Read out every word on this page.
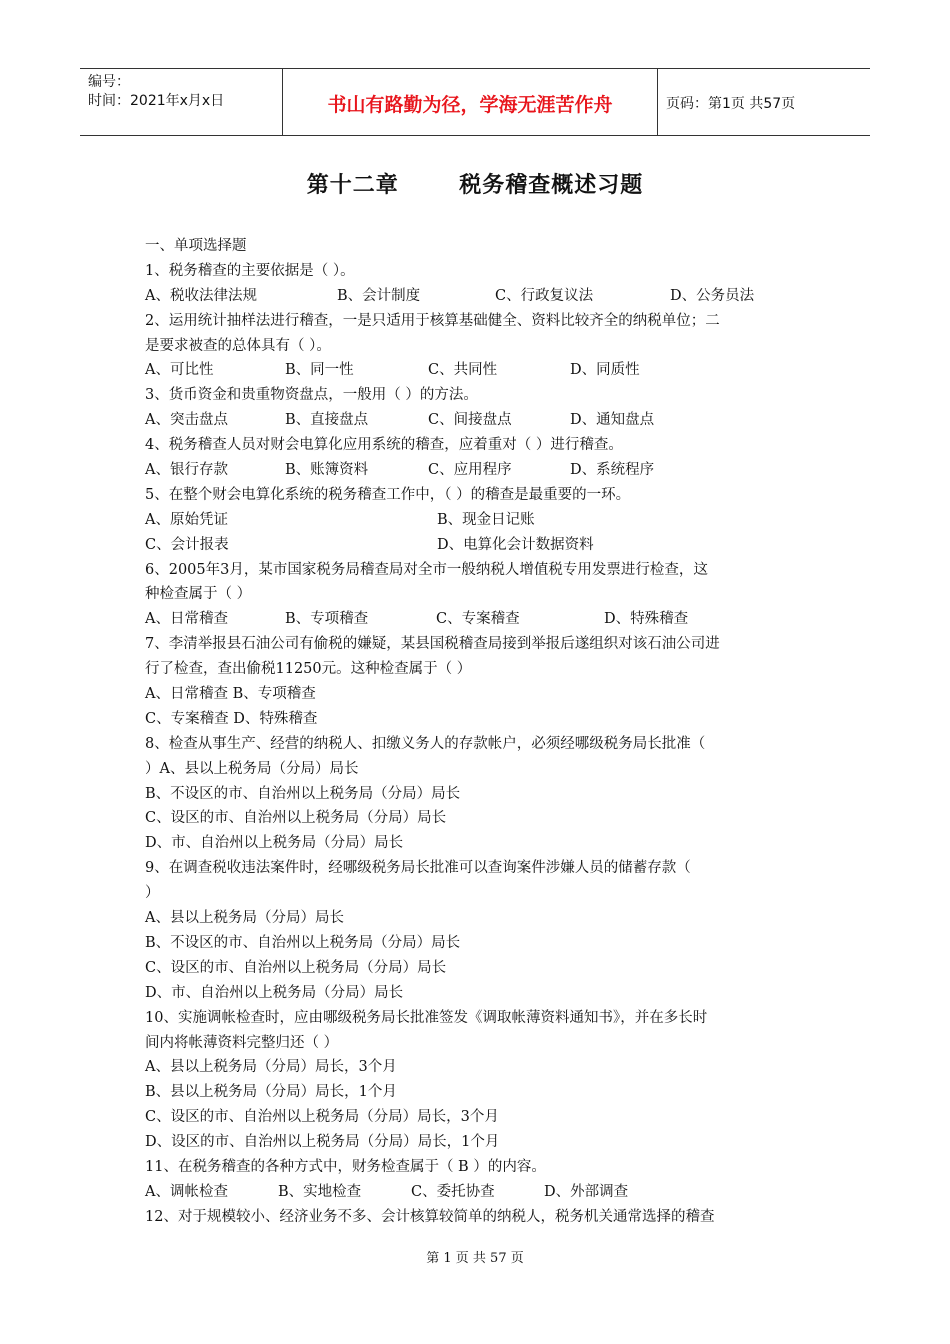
编号：
时间：2021年x月x日	书山有路勤为径，学海无涯苦作舟	页码：第1页 共57页
第十二章       税务稽查概述习题
一、单项选择题
1、税务稽查的主要依据是（ ）。
A、税收法律法规	B、会计制度	C、行政复议法	D、公务员法
2、运用统计抽样法进行稽查，一是只适用于核算基础健全、资料比较齐全的纳税单位；二
是要求被查的总体具有（ ）。
A、可比性	B、同一性	C、共同性	D、同质性
3、货币资金和贵重物资盘点，一般用（ ）的方法。
A、突击盘点	B、直接盘点	C、间接盘点	D、通知盘点
4、税务稽查人员对财会电算化应用系统的稽查，应着重对（ ）进行稽查。
A、银行存款	B、账簿资料	C、应用程序	D、系统程序
5、在整个财会电算化系统的税务稽查工作中，（ ）的稽查是最重要的一环。
A、原始凭证	B、现金日记账
C、会计报表	D、电算化会计数据资料
6、2005年3月，某市国家税务局稽查局对全市一般纳税人增值税专用发票进行检查，这
种检查属于（ ）
A、日常稽查	B、专项稽查	C、专案稽查	D、特殊稽查
7、李清举报县石油公司有偷税的嫌疑，某县国税稽查局接到举报后遂组织对该石油公司进
行了检查，查出偷税11250元。这种检查属于（ ）
A、日常稽查 B、专项稽查
C、专案稽查 D、特殊稽查
8、检查从事生产、经营的纳税人、扣缴义务人的存款帐户，必须经哪级税务局长批准（
）A、县以上税务局（分局）局长
B、不设区的市、自治州以上税务局（分局）局长
C、设区的市、自治州以上税务局（分局）局长
D、市、自治州以上税务局（分局）局长
9、在调查税收违法案件时，经哪级税务局长批准可以查询案件涉嫌人员的储蓄存款（
）
A、县以上税务局（分局）局长
B、不设区的市、自治州以上税务局（分局）局长
C、设区的市、自治州以上税务局（分局）局长
D、市、自治州以上税务局（分局）局长
10、实施调帐检查时，应由哪级税务局长批准签发《调取帐薄资料通知书》，并在多长时
间内将帐薄资料完整归还（ ）
A、县以上税务局（分局）局长，3个月
B、县以上税务局（分局）局长，1个月
C、设区的市、自治州以上税务局（分局）局长，3个月
D、设区的市、自治州以上税务局（分局）局长，1个月
11、在税务稽查的各种方式中，财务检查属于（ B ）的内容。
A、调帐检查	B、实地检查	C、委托协查	D、外部调查
12、对于规模较小、经济业务不多、会计核算较简单的纳税人，税务机关通常选择的稽查
第 1 页 共 57 页
